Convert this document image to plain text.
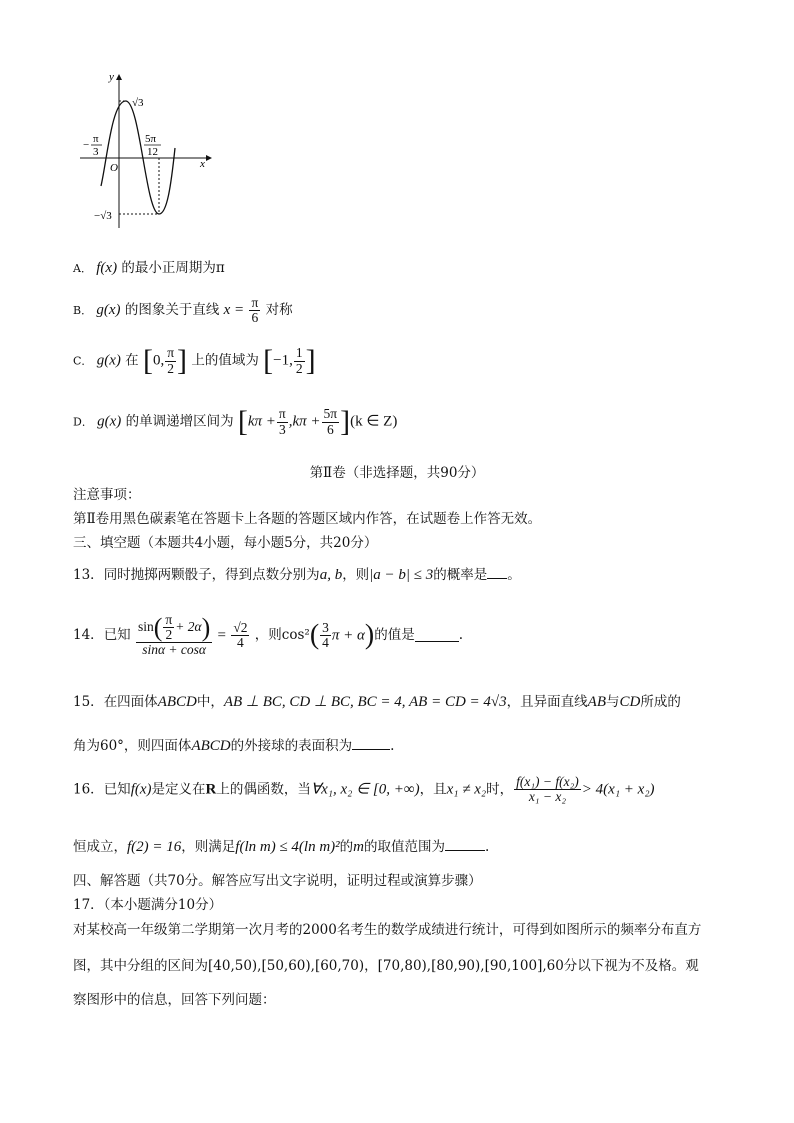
y
x
O
√3
−√3
− π
3
5π
12
A． f(x) 的最小正周期为π
B． g(x) 的图象关于直线 $x = \frac{\pi}{6}$ 对称
C． g(x) 在 [0, $\frac{\pi}{2}$ ] 上的值域为 [−1, $\frac{1}{2}$ ]
D． g(x) 的单调递增区间为 $[k\pi + \frac{\pi}{3} ,k\pi + \frac{5\pi}{6} ](k$ ∈ Z)
第Ⅱ卷（非选择题，共90分）
注意事项：
第Ⅱ卷用黑色碳素笔在答题卡上各题的答题区域内作答，在试题卷上作答无效。
三、填空题（本题共4小题，每小题5分，共20分）
13．同时抛掷两颗骰子，得到点数分别为a, b，则|a − b| ≤ 3的概率是 。
14．已知 $\frac{\sin( \frac{\pi}{2} + 2\alpha)}{\sin\alpha + \cos\alpha} = \frac{√2}{4}$ ，则$\cos^2( \frac{3}{4}$ π + α)的值是	.
15．在四面体ABCD中，AB ⊥ BC, CD ⊥ BC, BC = 4, AB = CD = 4√3，且异面直线AB与CD所成的
角为60°，则四面体ABCD的外接球的表面积为	.
16．已知f(x)是定义在R上的偶函数，当∀x₁, x₂ ∈ [0, +∞)，且x₁ ≠ x₂时， $\frac{\text{f(x₁) − f(x₂)}}{\text{x₁ − x₂}} > 4(x_1 + x_2)$
恒成立，f(2) = 16，则满足f(ln m) ≤ 4(ln m)²的m的取值范围为	.
四、解答题（共70分。解答应写出文字说明，证明过程或演算步骤）
17．（本小题满分10分）
对某校高一年级第二学期第一次月考的2000名考生的数学成绩进行统计，可得到如图所示的频率分布直方
图，其中分组的区间为[40,50),[50,60),[60,70)，[70,80),[80,90),[90,100],60分以下视为不及格。观
察图形中的信息，回答下列问题：
